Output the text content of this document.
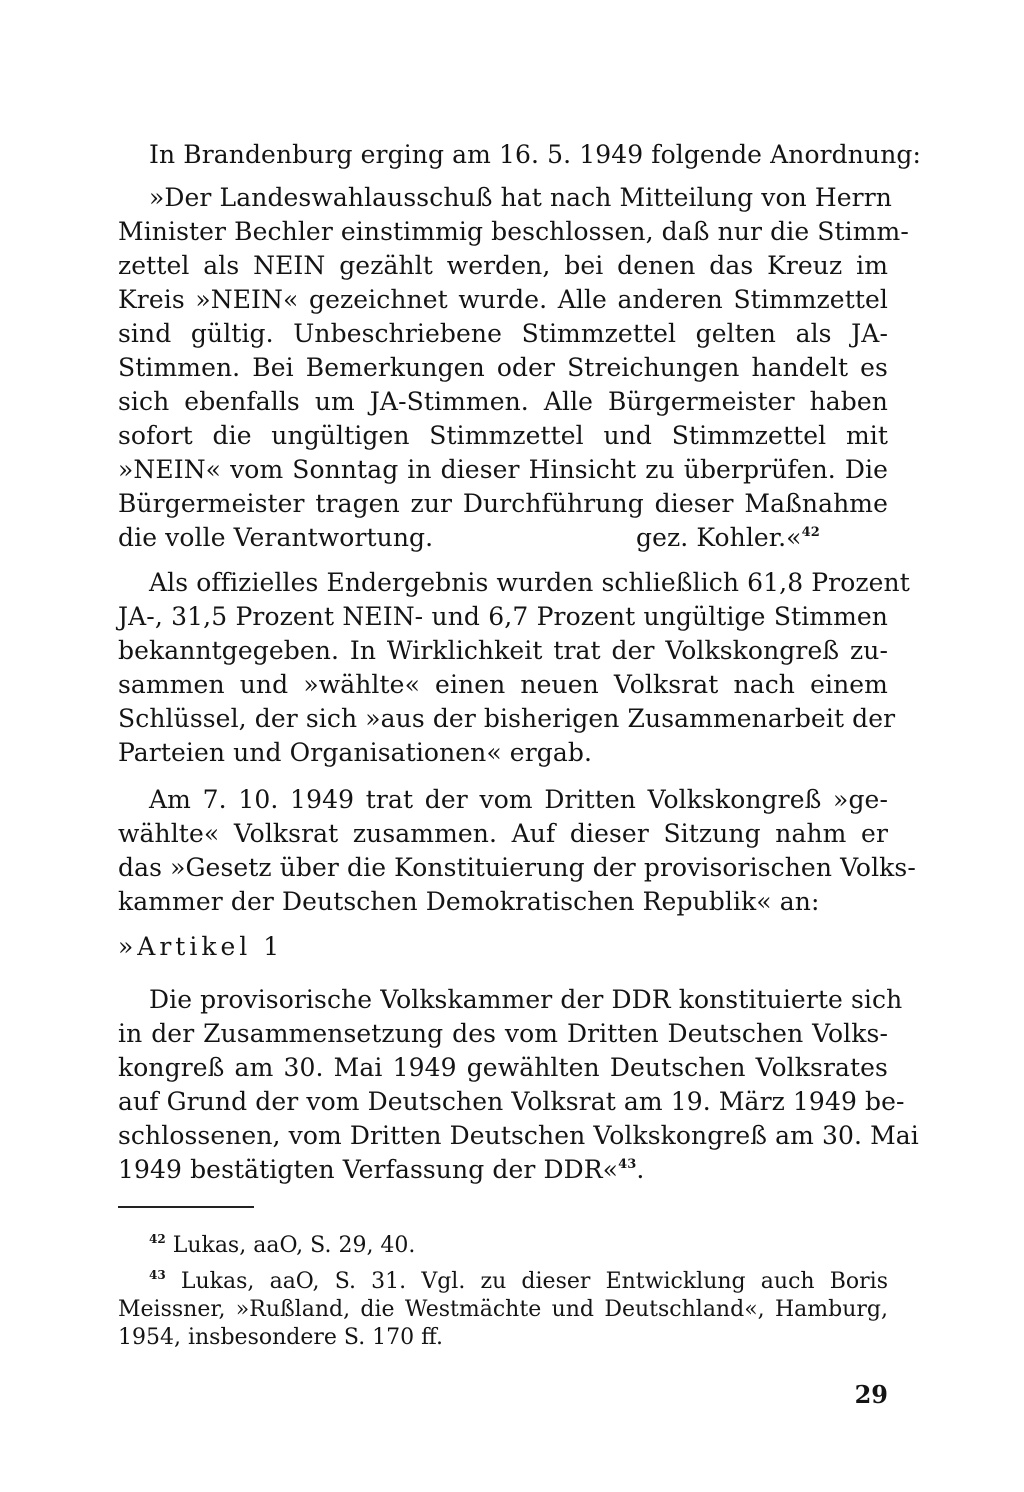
In Brandenburg erging am 16. 5. 1949 folgende Anordnung:
»Der Landeswahlausschuß hat nach Mitteilung von Herrn
Minister Bechler einstimmig beschlossen, daß nur die Stimm-
zettel als NEIN gezählt werden, bei denen das Kreuz im
Kreis »NEIN« gezeichnet wurde. Alle anderen Stimmzettel
sind gültig. Unbeschriebene Stimmzettel gelten als JA-
Stimmen. Bei Bemerkungen oder Streichungen handelt es
sich ebenfalls um JA-Stimmen. Alle Bürgermeister haben
sofort die ungültigen Stimmzettel und Stimmzettel mit
»NEIN« vom Sonntag in dieser Hinsicht zu überprüfen. Die
Bürgermeister tragen zur Durchführung dieser Maßnahme
die volle Verantwortung.	gez. Kohler.«$^{42}$
Als offizielles Endergebnis wurden schließlich 61,8 Prozent
JA-, 31,5 Prozent NEIN- und 6,7 Prozent ungültige Stimmen
bekanntgegeben. In Wirklichkeit trat der Volkskongreß zu-
sammen und »wählte« einen neuen Volksrat nach einem
Schlüssel, der sich »aus der bisherigen Zusammenarbeit der
Parteien und Organisationen« ergab.
Am 7. 10. 1949 trat der vom Dritten Volkskongreß »ge-
wählte« Volksrat zusammen. Auf dieser Sitzung nahm er
das »Gesetz über die Konstituierung der provisorischen Volks-
kammer der Deutschen Demokratischen Republik« an:
»Artikel 1
Die provisorische Volkskammer der DDR konstituierte sich
in der Zusammensetzung des vom Dritten Deutschen Volks-
kongreß am 30. Mai 1949 gewählten Deutschen Volksrates
auf Grund der vom Deutschen Volksrat am 19. März 1949 be-
schlossenen, vom Dritten Deutschen Volkskongreß am 30. Mai
1949 bestätigten Verfassung der DDR«$^{43}$.
$^{42}$ Lukas, aaO, S. 29, 40.
$^{43}$ Lukas, aaO, S. 31. Vgl. zu dieser Entwicklung auch Boris
Meissner, »Rußland, die Westmächte und Deutschland«, Hamburg,
1954, insbesondere S. 170 ff.
29
